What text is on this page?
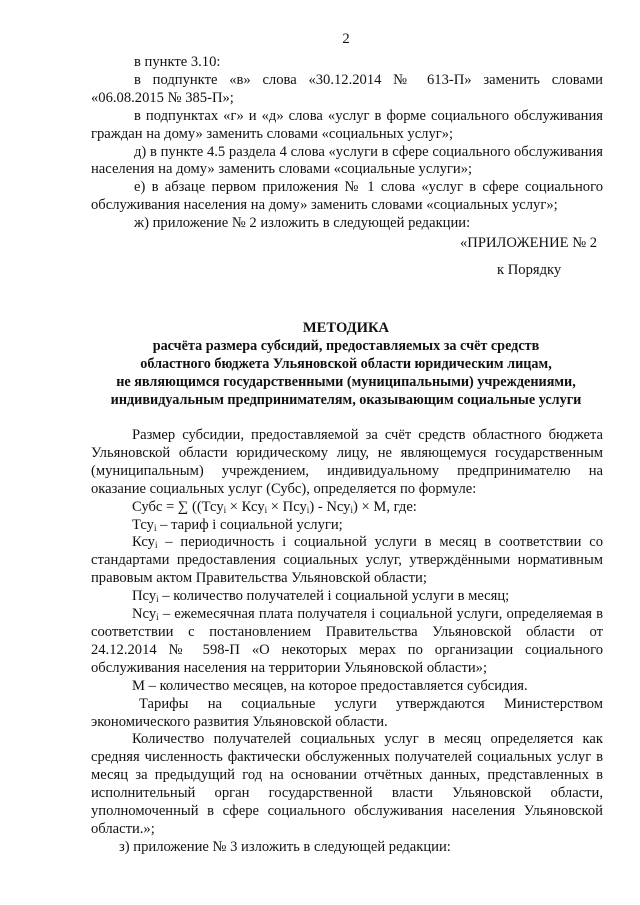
2

в пункте 3.10:

в подпункте «в» слова «30.12.2014 № 613-П» заменить словами «06.08.2015 № 385-П»;

в подпунктах «г» и «д» слова «услуг в форме социального обслуживания граждан на дому» заменить словами «социальных услуг»;

д) в пункте 4.5 раздела 4 слова «услуги в сфере социального обслуживания населения на дому» заменить словами «социальные услуги»;

е) в абзаце первом приложения № 1 слова «услуг в сфере социального обслуживания населения на дому» заменить словами «социальных услуг»;

ж) приложение № 2 изложить в следующей редакции:

«ПРИЛОЖЕНИЕ № 2
к Порядку
МЕТОДИКА
расчёта размера субсидий, предоставляемых за счёт средств
областного бюджета Ульяновской области юридическим лицам,
не являющимся государственными (муниципальными) учреждениями,
индивидуальным предпринимателям, оказывающим социальные услуги

Размер субсидии, предоставляемой за счёт средств областного бюджета Ульяновской области юридическому лицу, не являющемуся государственным (муниципальным) учреждением, индивидуальному предпринимателю на оказание социальных услуг (Субс), определяется по формуле:

Субс = ∑ ((Тсу$_i$ × Ксу$_i$ × Псу$_i$) - Nсу$_i$) × М, где:

Тсу$_i$ – тариф i социальной услуги;

Ксу$_i$ – периодичность i социальной услуги в месяц в соответствии со стандартами предоставления социальных услуг, утверждёнными нормативным правовым актом Правительства Ульяновской области;

Псу$_i$ – количество получателей i социальной услуги в месяц;

Nсу$_i$ – ежемесячная плата получателя i социальной услуги, определяемая в соответствии с постановлением Правительства Ульяновской области от 24.12.2014 № 598-П «О некоторых мерах по организации социального обслуживания населения на территории Ульяновской области»;

М – количество месяцев, на которое предоставляется субсидия.

Тарифы на социальные услуги утверждаются Министерством экономического развития Ульяновской области.

Количество получателей социальных услуг в месяц определяется как средняя численность фактически обслуженных получателей социальных услуг в месяц за предыдущий год на основании отчётных данных, представленных в исполнительный орган государственной власти Ульяновской области, уполномоченный в сфере социального обслуживания населения Ульяновской области.»;

з) приложение № 3 изложить в следующей редакции:
